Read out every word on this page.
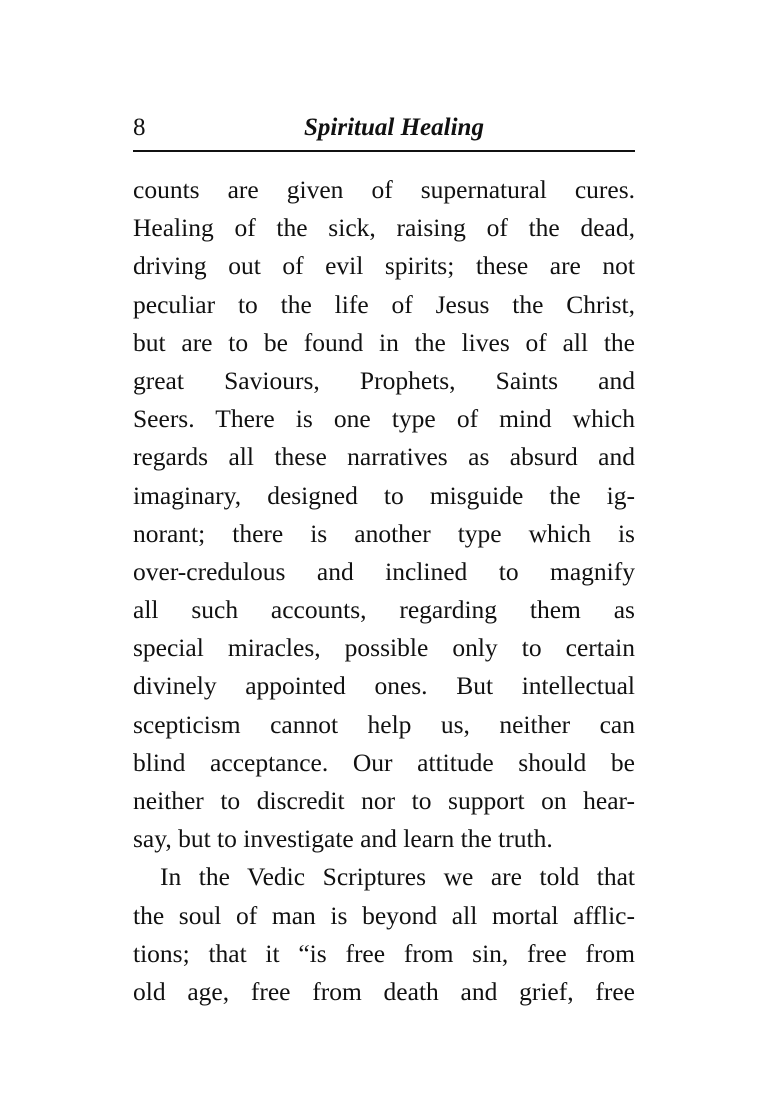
8	Spiritual Healing
counts are given of supernatural cures.
Healing of the sick, raising of the dead,
driving out of evil spirits; these are not
peculiar to the life of Jesus the Christ,
but are to be found in the lives of all the
great Saviours, Prophets, Saints and
Seers. There is one type of mind which
regards all these narratives as absurd and
imaginary, designed to misguide the ig-
norant; there is another type which is
over-credulous and inclined to magnify
all such accounts, regarding them as
special miracles, possible only to certain
divinely appointed ones. But intellectual
scepticism cannot help us, neither can
blind acceptance. Our attitude should be
neither to discredit nor to support on hear-
say, but to investigate and learn the truth.
In the Vedic Scriptures we are told that
the soul of man is beyond all mortal afflic-
tions; that it “is free from sin, free from
old age, free from death and grief, free
